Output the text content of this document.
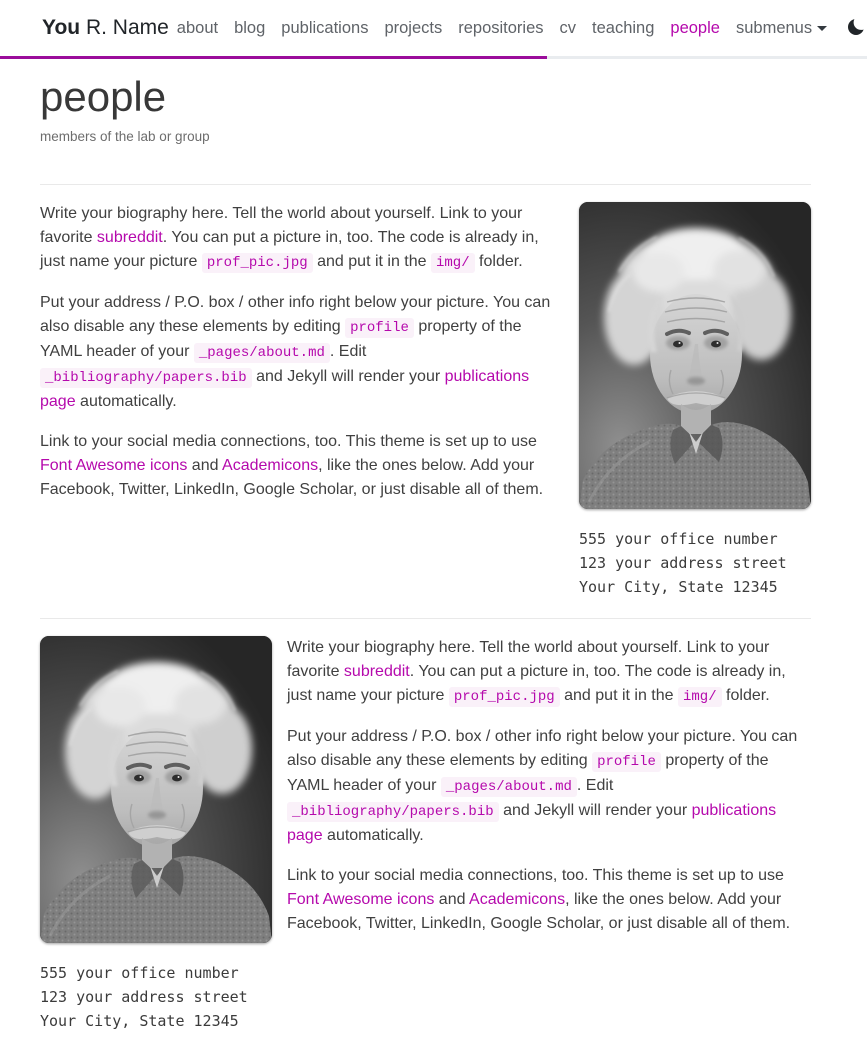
You R. Name about blog publications projects repositories cv teaching people submenus
people

members of the lab or group

Write your biography here. Tell the world about yourself. Link to your favorite subreddit. You can put a picture in, too. The code is already in, just name your picture prof_pic.jpg and put it in the img/ folder.

Put your address / P.O. box / other info right below your picture. You can also disable any these elements by editing profile property of the YAML header of your _pages/about.md . Edit _bibliography/papers.bib and Jekyll will render your publications page automatically.

Link to your social media connections, too. This theme is set up to use Font Awesome icons and Academicons, like the ones below. Add your Facebook, Twitter, LinkedIn, Google Scholar, or just disable all of them.

555 your office number
123 your address street
Your City, State 12345
555 your office number
123 your address street
Your City, State 12345

Write your biography here. Tell the world about yourself. Link to your favorite subreddit. You can put a picture in, too. The code is already in, just name your picture prof_pic.jpg and put it in the img/ folder.

Put your address / P.O. box / other info right below your picture. You can also disable any these elements by editing profile property of the YAML header of your _pages/about.md . Edit _bibliography/papers.bib and Jekyll will render your publications page automatically.

Link to your social media connections, too. This theme is set up to use Font Awesome icons and Academicons, like the ones below. Add your Facebook, Twitter, LinkedIn, Google Scholar, or just disable all of them.
